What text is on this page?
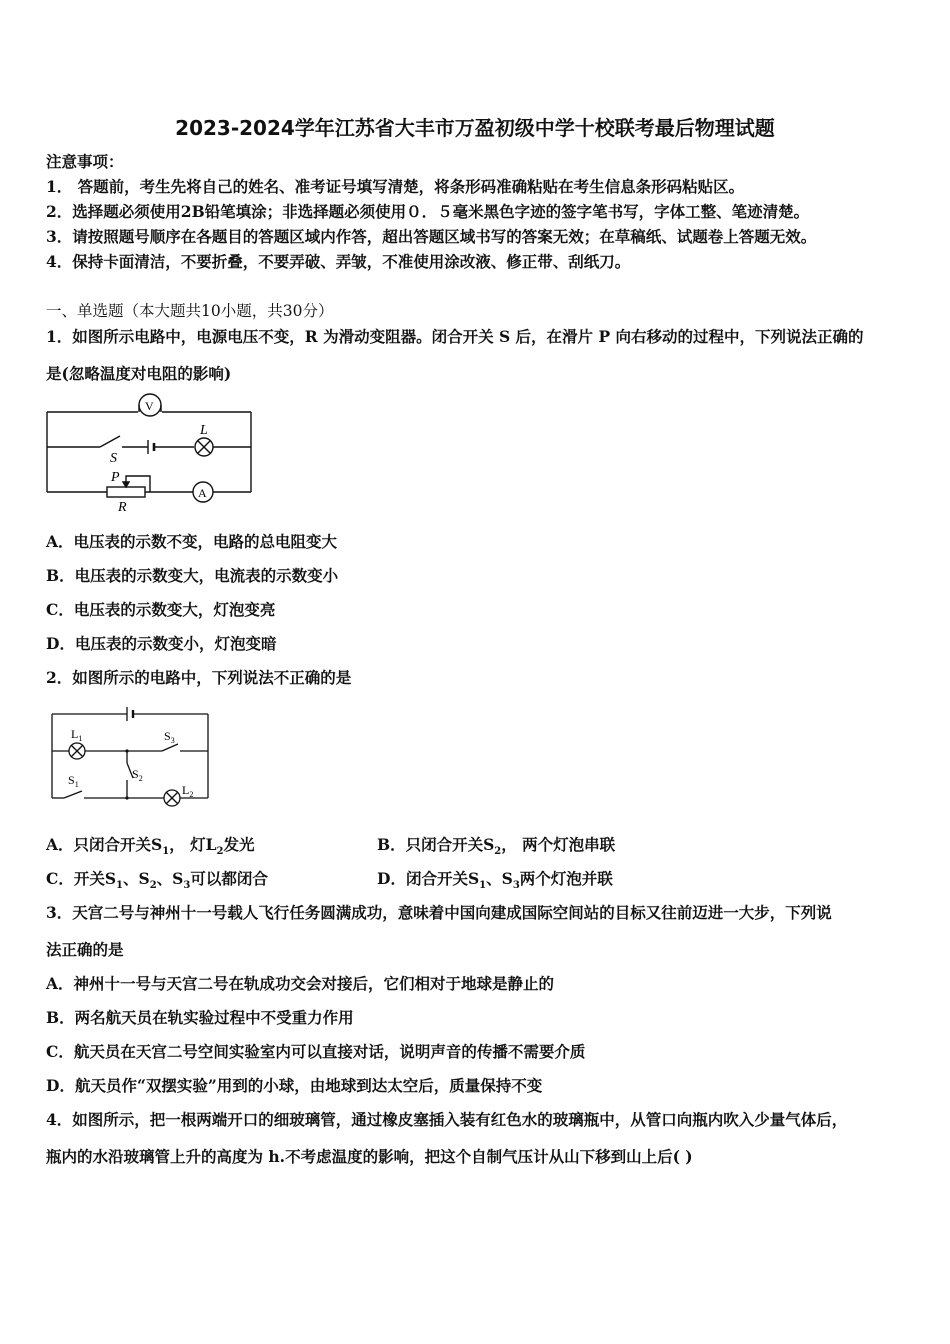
2023-2024学年江苏省大丰市万盈初级中学十校联考最后物理试题
注意事项：
1． 答题前，考生先将自己的姓名、准考证号填写清楚，将条形码准确粘贴在考生信息条形码粘贴区。
2．选择题必须使用2B铅笔填涂；非选择题必须使用０．５毫米黑色字迹的签字笔书写，字体工整、笔迹清楚。
3．请按照题号顺序在各题目的答题区域内作答，超出答题区域书写的答案无效；在草稿纸、试题卷上答题无效。
4．保持卡面清洁，不要折叠，不要弄破、弄皱，不准使用涂改液、修正带、刮纸刀。
一、单选题（本大题共10小题，共30分）
1．如图所示电路中，电源电压不变，R 为滑动变阻器。闭合开关 S 后，在滑片 P 向右移动的过程中，下列说法正确的
是(忽略温度对电阻的影响)
V
L
S
P
R
A
A．电压表的示数不变，电路的总电阻变大
B．电压表的示数变大，电流表的示数变小
C．电压表的示数变大，灯泡变亮
D．电压表的示数变小，灯泡变暗
2．如图所示的电路中，下列说法不正确的是
$L_1$	$S_3$
$S_2$
$S_1$	$L_2$
A．只闭合开关$S_1$， 灯$L_2$发光	B．只闭合开关$S_2$， 两个灯泡串联
C．开关$S_1$、$S_2$、$S_3$可以都闭合	D．闭合开关$S_1$、$S_3$两个灯泡并联
3．天宫二号与神州十一号载人飞行任务圆满成功，意味着中国向建成国际空间站的目标又往前迈进一大步，下列说
法正确的是
A．神州十一号与天宫二号在轨成功交会对接后，它们相对于地球是静止的
B．两名航天员在轨实验过程中不受重力作用
C．航天员在天宫二号空间实验室内可以直接对话，说明声音的传播不需要介质
D．航天员作“双摆实验”用到的小球，由地球到达太空后，质量保持不变
4．如图所示，把一根两端开口的细玻璃管，通过橡皮塞插入装有红色水的玻璃瓶中，从管口向瓶内吹入少量气体后，
瓶内的水沿玻璃管上升的高度为 h.不考虑温度的影响，把这个自制气压计从山下移到山上后( )
